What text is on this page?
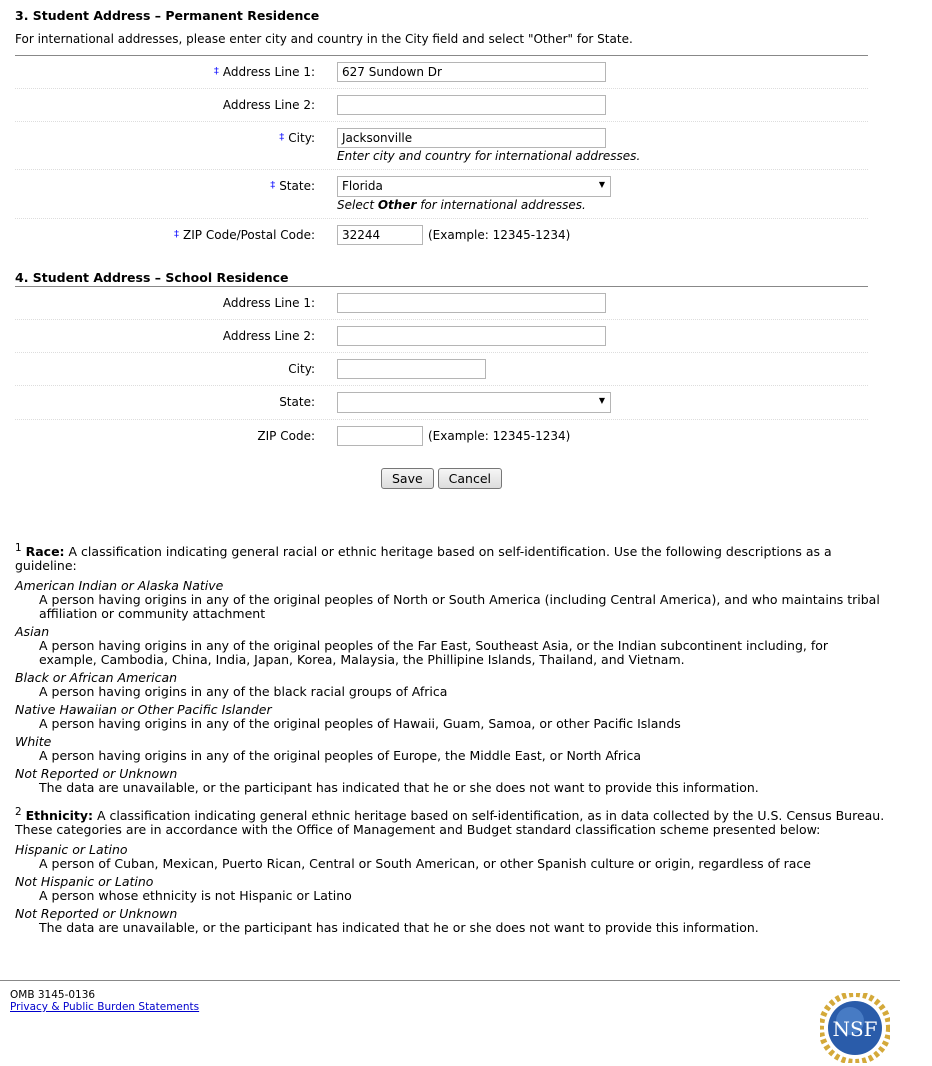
3. Student Address – Permanent Residence
For international addresses, please enter city and country in the City field and select "Other" for State.
‡ Address Line 1:	627 Sundown Dr
Address Line 2:
‡ City:	Jacksonville
Enter city and country for international addresses.
‡ State:	Florida	▼
Select Other for international addresses.
‡ ZIP Code/Postal Code:	32244	(Example: 12345-1234)
4. Student Address – School Residence
Address Line 1:
Address Line 2:
City:
State:	▼
ZIP Code:	(Example: 12345-1234)
Save Cancel

$^1$ Race: A classification indicating general racial or ethnic heritage based on self-identification. Use the following descriptions as a guideline:

American Indian or Alaska Native
A person having origins in any of the original peoples of North or South America (including Central America), and who maintains tribal affiliation or community attachment
Asian
A person having origins in any of the original peoples of the Far East, Southeast Asia, or the Indian subcontinent including, for example, Cambodia, China, India, Japan, Korea, Malaysia, the Phillipine Islands, Thailand, and Vietnam.
Black or African American
A person having origins in any of the black racial groups of Africa
Native Hawaiian or Other Pacific Islander
A person having origins in any of the original peoples of Hawaii, Guam, Samoa, or other Pacific Islands
White
A person having origins in any of the original peoples of Europe, the Middle East, or North Africa
Not Reported or Unknown
The data are unavailable, or the participant has indicated that he or she does not want to provide this information.

$^2$ Ethnicity: A classification indicating general ethnic heritage based on self-identification, as in data collected by the U.S. Census Bureau. These categories are in accordance with the Office of Management and Budget standard classification scheme presented below:

Hispanic or Latino
A person of Cuban, Mexican, Puerto Rican, Central or South American, or other Spanish culture or origin, regardless of race
Not Hispanic or Latino
A person whose ethnicity is not Hispanic or Latino
Not Reported or Unknown
The data are unavailable, or the participant has indicated that he or she does not want to provide this information.
OMB 3145-0136
Privacy & Public Burden Statements
NSF
